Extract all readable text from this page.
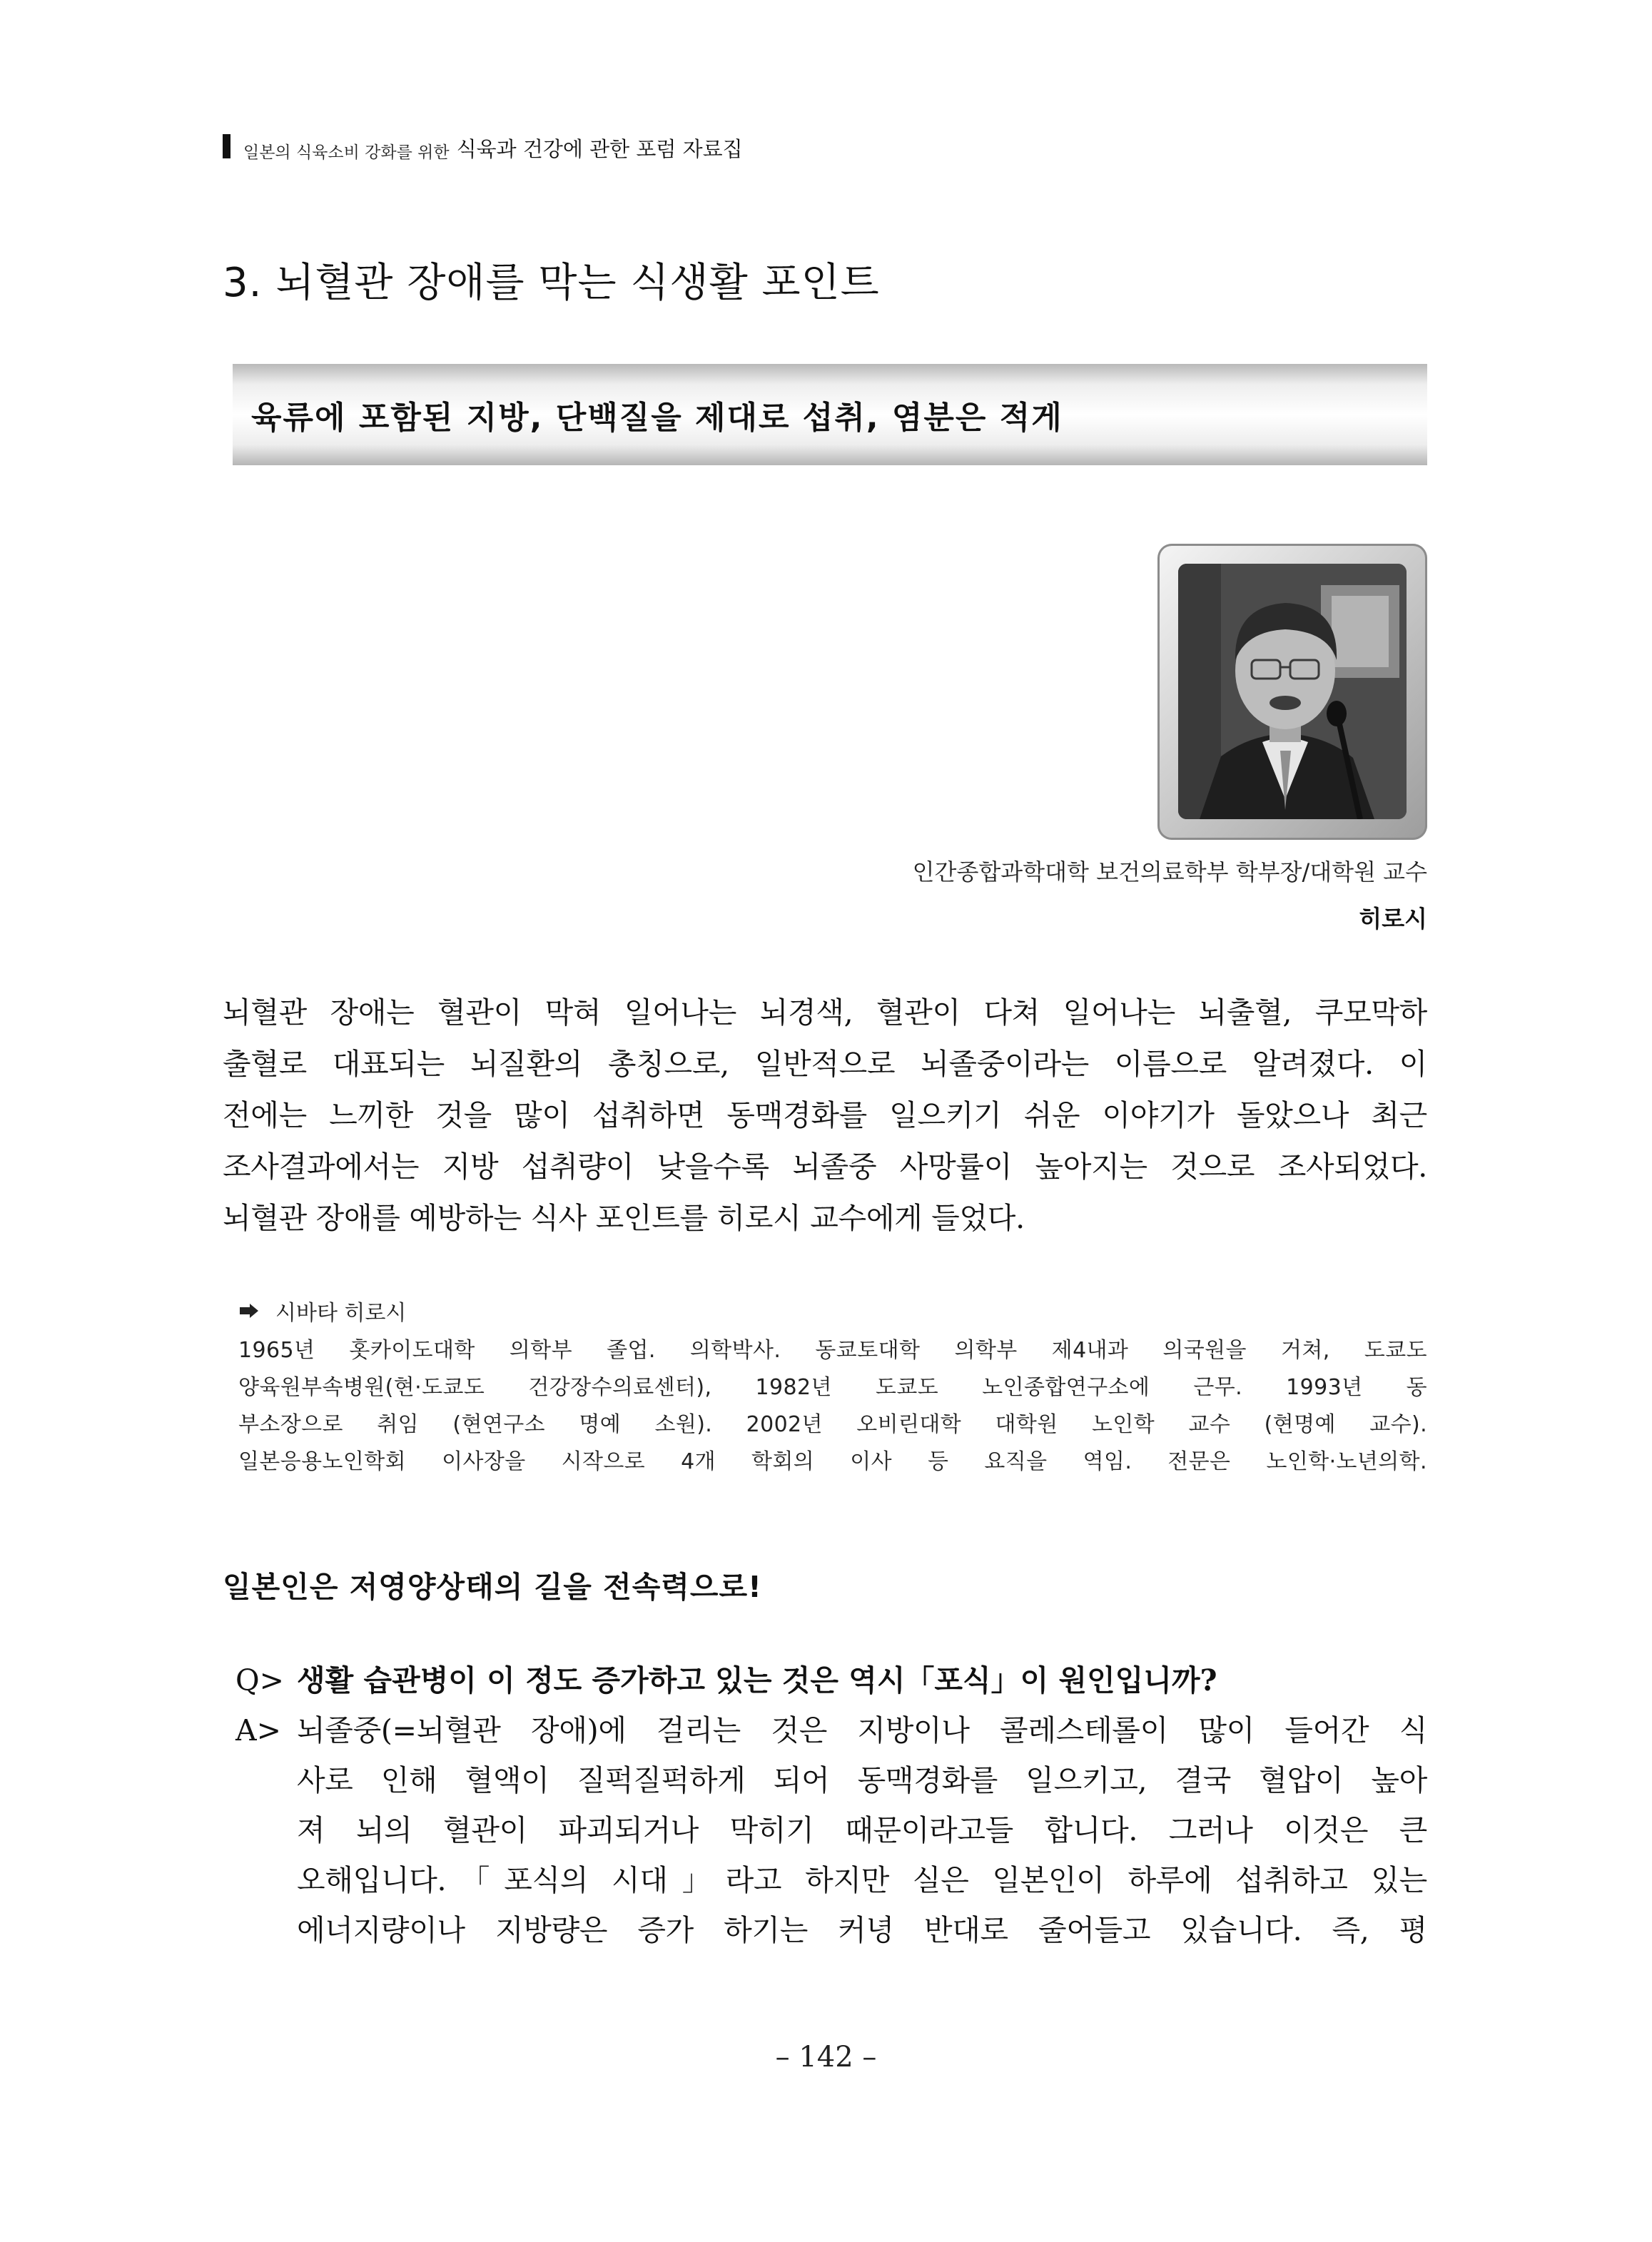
일본의 식육소비 강화를 위한 식육과 건강에 관한 포럼 자료집
3. 뇌혈관 장애를 막는 식생활 포인트
육류에 포함된 지방, 단백질을 제대로 섭취, 염분은 적게
인간종합과학대학 보건의료학부 학부장/대학원 교수
히로시
뇌혈관 장애는 혈관이 막혀 일어나는 뇌경색, 혈관이 다쳐 일어나는 뇌출혈, 쿠모막하
출혈로 대표되는 뇌질환의 총칭으로, 일반적으로 뇌졸중이라는 이름으로 알려졌다. 이
전에는 느끼한 것을 많이 섭취하면 동맥경화를 일으키기 쉬운 이야기가 돌았으나 최근
조사결과에서는 지방 섭취량이 낮을수록 뇌졸중 사망률이 높아지는 것으로 조사되었다.
뇌혈관 장애를 예방하는 식사 포인트를 히로시 교수에게 들었다.
시바타 히로시
1965년 홋카이도대학 의학부 졸업. 의학박사. 동쿄토대학 의학부 제4내과 의국원을 거쳐, 도쿄도
양육원부속병원(현·도쿄도 건강장수의료센터), 1982년 도쿄도 노인종합연구소에 근무. 1993년 동
부소장으로 취임 (현연구소 명예 소원). 2002년 오비린대학 대학원 노인학 교수 (현명예 교수).
일본응용노인학회 이사장을 시작으로 4개 학회의 이사 등 요직을 역임. 전문은 노인학·노년의학.
일본인은 저영양상태의 길을 전속력으로!
Q> 생활 습관병이 이 정도 증가하고 있는 것은 역시「포식」이 원인입니까?
A> 뇌졸중(=뇌혈관 장애)에 걸리는 것은 지방이나 콜레스테롤이 많이 들어간 식
사로 인해 혈액이 질퍽질퍽하게 되어 동맥경화를 일으키고, 결국 혈압이 높아
져 뇌의 혈관이 파괴되거나 막히기 때문이라고들 합니다. 그러나 이것은 큰
오해입니다.「포식의 시대」라고 하지만 실은 일본인이 하루에 섭취하고 있는
에너지량이나 지방량은 증가 하기는 커녕 반대로 줄어들고 있습니다. 즉, 평
– 142 –
